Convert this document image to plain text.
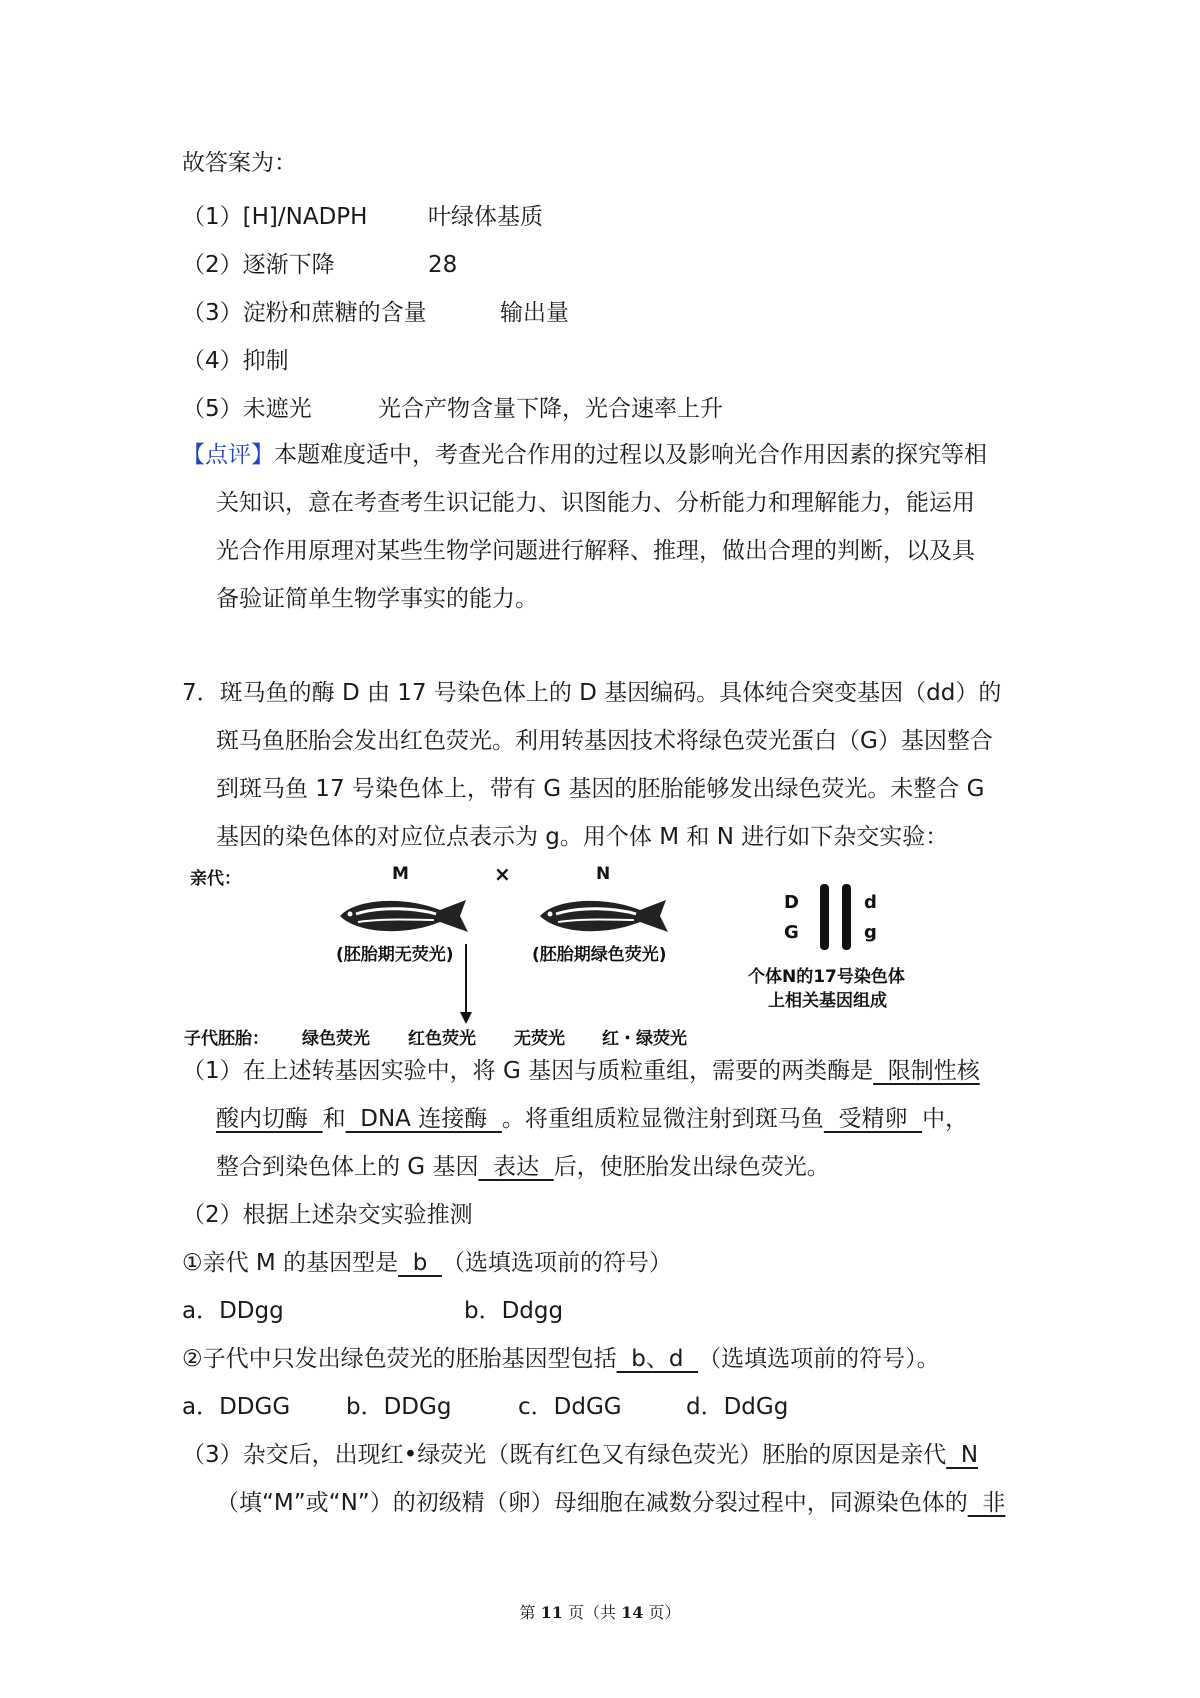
故答案为：
（1）[H]/NADPH	叶绿体基质
（2）逐渐下降	28
（3）淀粉和蔗糖的含量	输出量
（4）抑制
（5）未遮光	光合产物含量下降，光合速率上升
【点评】本题难度适中，考查光合作用的过程以及影响光合作用因素的探究等相
关知识，意在考查考生识记能力、识图能力、分析能力和理解能力，能运用
光合作用原理对某些生物学问题进行解释、推理，做出合理的判断，以及具
备验证简单生物学事实的能力。
7．斑马鱼的酶 D 由 17 号染色体上的 D 基因编码。具体纯合突变基因（dd）的
斑马鱼胚胎会发出红色荧光。利用转基因技术将绿色荧光蛋白（G）基因整合
到斑马鱼 17 号染色体上，带有 G 基因的胚胎能够发出绿色荧光。未整合 G
基因的染色体的对应位点表示为 g。用个体 M 和 N 进行如下杂交实验：
亲代：	M	×	N
(胚胎期无荧光)	(胚胎期绿色荧光)
D
G
d
g
个体N的17号染色体
上相关基因组成
子代胚胎： 绿色荧光 红色荧光 无荧光 红・绿荧光
（1）在上述转基因实验中，将 G 基因与质粒重组，需要的两类酶是  限制性核
酸内切酶  和  DNA 连接酶  。将重组质粒显微注射到斑马鱼  受精卵  中，
整合到染色体上的 G 基因  表达  后，使胚胎发出绿色荧光。
（2）根据上述杂交实验推测
①亲代 M 的基因型是  b  （选填选项前的符号）
a．DDgg	b．Ddgg
②子代中只发出绿色荧光的胚胎基因型包括  b、d  （选填选项前的符号）。
a．DDGG b．DDGg	c．DdGG	d．DdGg
（3）杂交后，出现红•绿荧光（既有红色又有绿色荧光）胚胎的原因是亲代  N
（填“M”或“N”）的初级精（卵）母细胞在减数分裂过程中，同源染色体的  非
第 11 页（共 14 页）
